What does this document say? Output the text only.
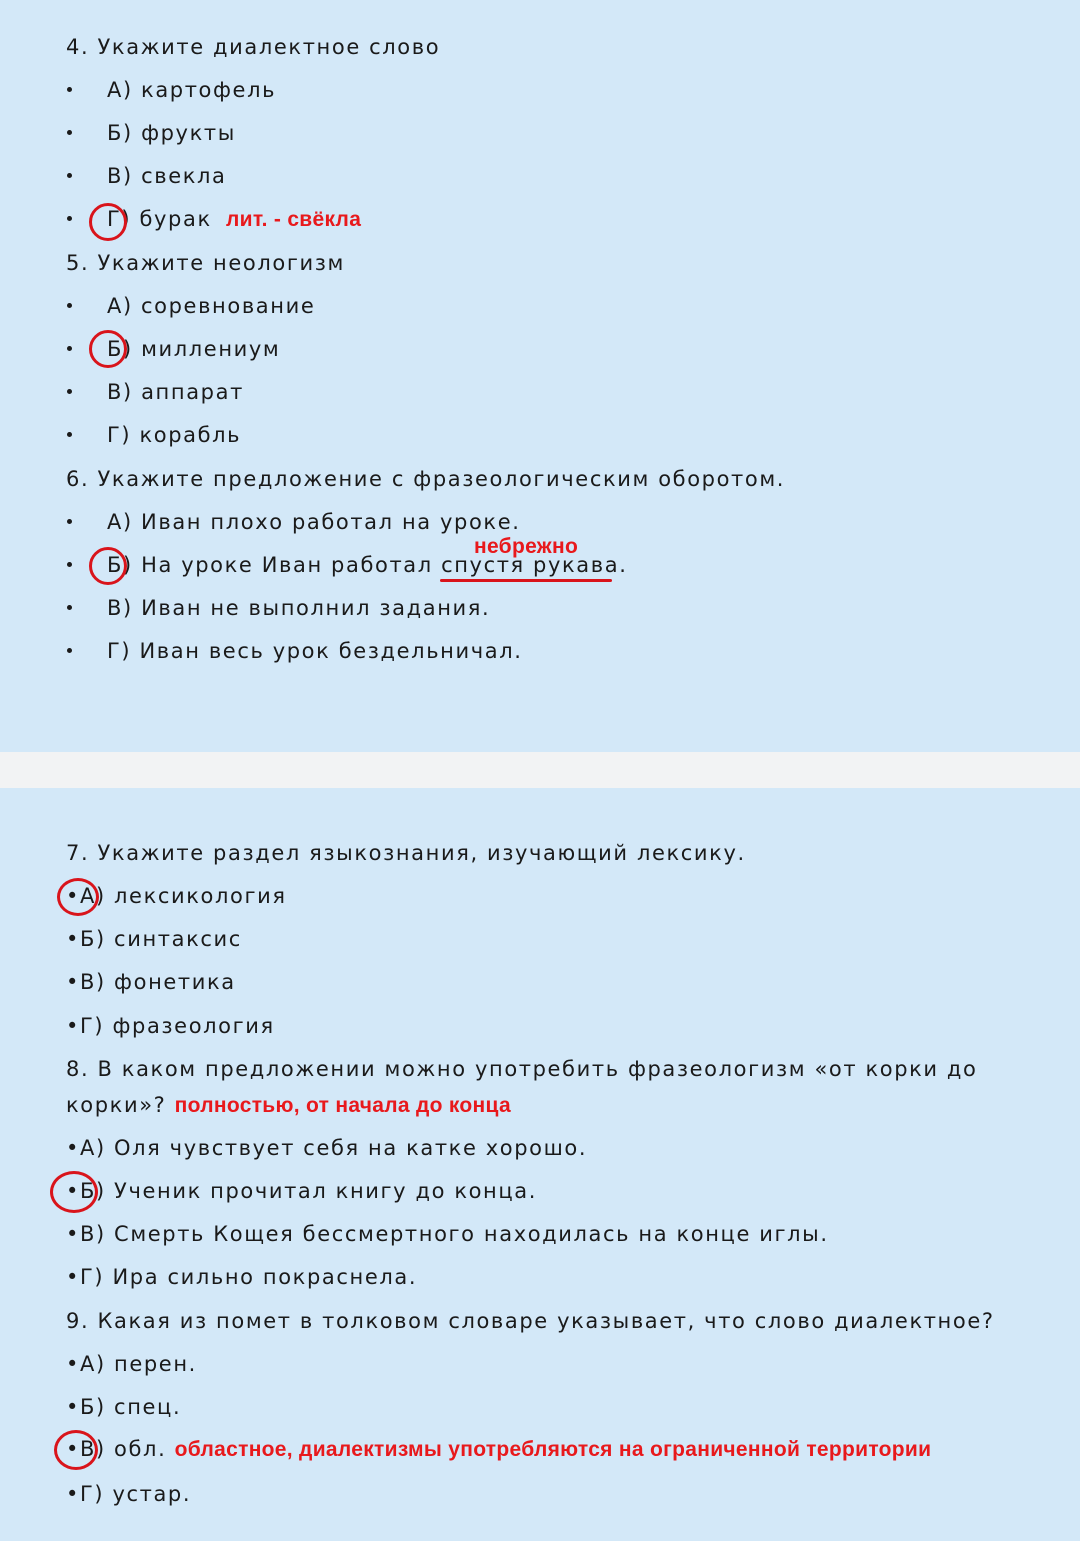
4. Укажите диалектное слово
А) картофель
Б) фрукты
В) свекла
Г) бурак лит. - свёкла
5. Укажите неологизм
А) соревнование
Б) миллениум
В) аппарат
Г) корабль
6. Укажите предложение с фразеологическим оборотом.
А) Иван плохо работал на уроке.
небрежно
Б) На уроке Иван работал спустя рукава.
В) Иван не выполнил задания.
Г) Иван весь урок бездельничал.
7. Укажите раздел языкознания, изучающий лексику.
•А) лексикология
•Б) синтаксис
•В) фонетика
•Г) фразеология
8. В каком предложении можно употребить фразеологизм «от корки до
корки»? полностью, от начала до конца
•А) Оля чувствует себя на катке хорошо.
•Б) Ученик прочитал книгу до конца.
•В) Смерть Кощея бессмертного находилась на конце иглы.
•Г) Ира сильно покраснела.
9. Какая из помет в толковом словаре указывает, что слово диалектное?
•А) перен.
•Б) спец.
•В) обл. областное, диалектизмы употребляются на ограниченной территории
•Г) устар.
